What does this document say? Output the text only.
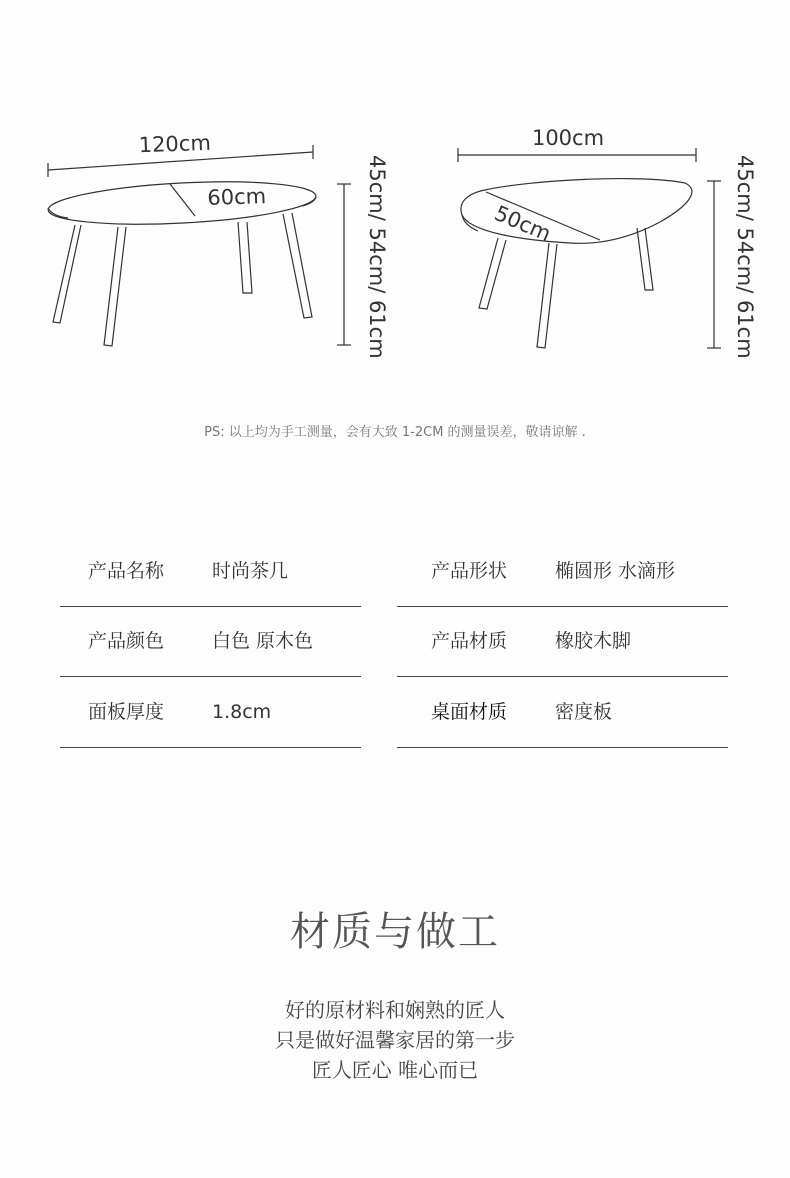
120cm
60cm	45cm/ 54cm/ 61cm
100cm
50cm	45cm/ 54cm/ 61cm
PS: 以上均为手工测量，会有大致 1-2CM 的测量误差，敬请谅解 .
产品名称	时尚茶几
产品颜色	白色 原木色
面板厚度	1.8cm
产品形状	椭圆形 水滴形
产品材质	橡胶木脚
桌面材质	密度板
材质与做工
好的原材料和娴熟的匠人
只是做好温馨家居的第一步
匠人匠心 唯心而已
